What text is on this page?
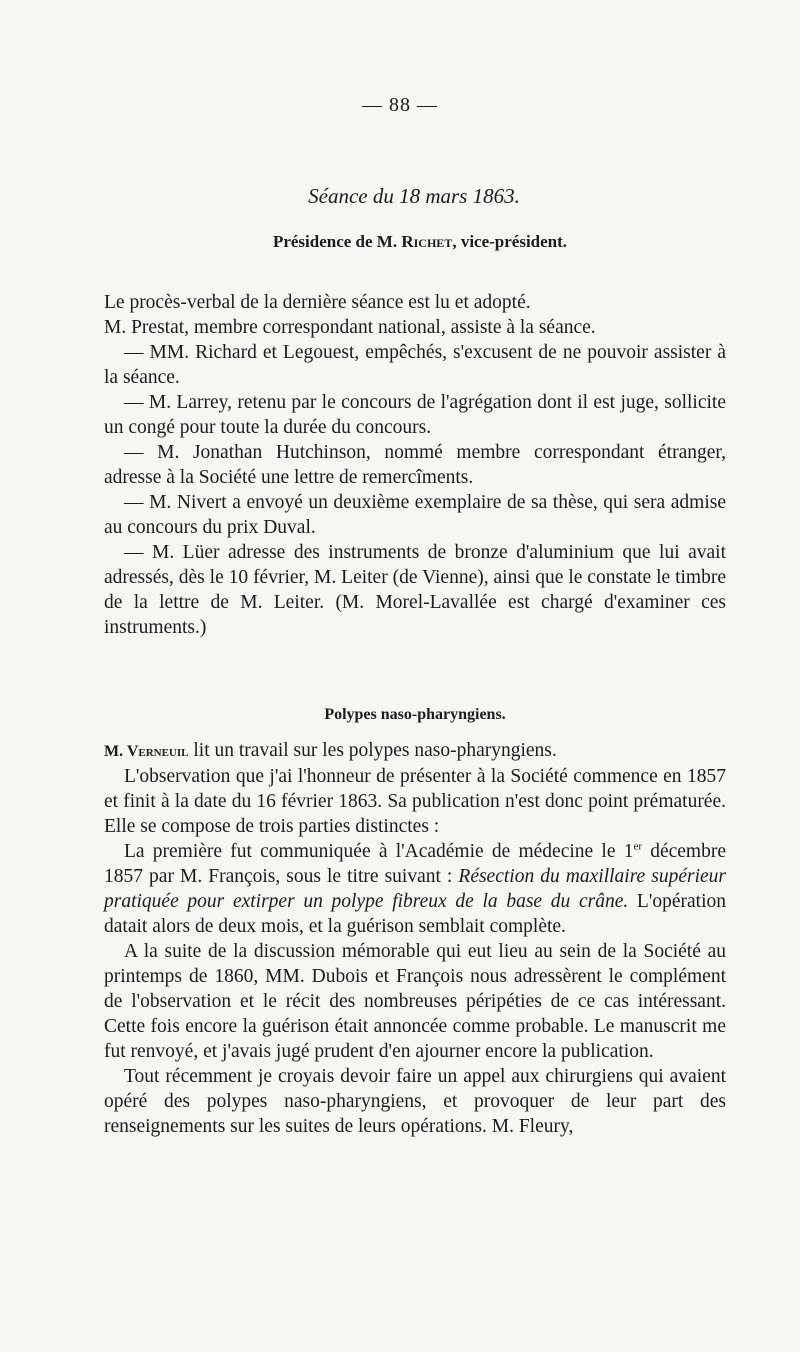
— 88 —
Séance du 18 mars 1863.
Présidence de M. Richet, vice-président.

Le procès-verbal de la dernière séance est lu et adopté.

M. Prestat, membre correspondant national, assiste à la séance.

— MM. Richard et Legouest, empêchés, s'excusent de ne pouvoir assister à la séance.

— M. Larrey, retenu par le concours de l'agrégation dont il est juge, sollicite un congé pour toute la durée du concours.

— M. Jonathan Hutchinson, nommé membre correspondant étranger, adresse à la Société une lettre de remercîments.

— M. Nivert a envoyé un deuxième exemplaire de sa thèse, qui sera admise au concours du prix Duval.

— M. Lüer adresse des instruments de bronze d'aluminium que lui avait adressés, dès le 10 février, M. Leiter (de Vienne), ainsi que le constate le timbre de la lettre de M. Leiter. (M. Morel-Lavallée est chargé d'examiner ces instruments.)

Polypes naso-pharyngiens.

M. Verneuil lit un travail sur les polypes naso-pharyngiens.

L'observation que j'ai l'honneur de présenter à la Société commence en 1857 et finit à la date du 16 février 1863. Sa publication n'est donc point prématurée. Elle se compose de trois parties distinctes :

La première fut communiquée à l'Académie de médecine le 1er décembre 1857 par M. François, sous le titre suivant : Résection du maxillaire supérieur pratiquée pour extirper un polype fibreux de la base du crâne. L'opération datait alors de deux mois, et la guérison semblait complète.

A la suite de la discussion mémorable qui eut lieu au sein de la Société au printemps de 1860, MM. Dubois et François nous adressèrent le complément de l'observation et le récit des nombreuses péripéties de ce cas intéressant. Cette fois encore la guérison était annoncée comme probable. Le manuscrit me fut renvoyé, et j'avais jugé prudent d'en ajourner encore la publication.

Tout récemment je croyais devoir faire un appel aux chirurgiens qui avaient opéré des polypes naso-pharyngiens, et provoquer de leur part des renseignements sur les suites de leurs opérations. M. Fleury,
